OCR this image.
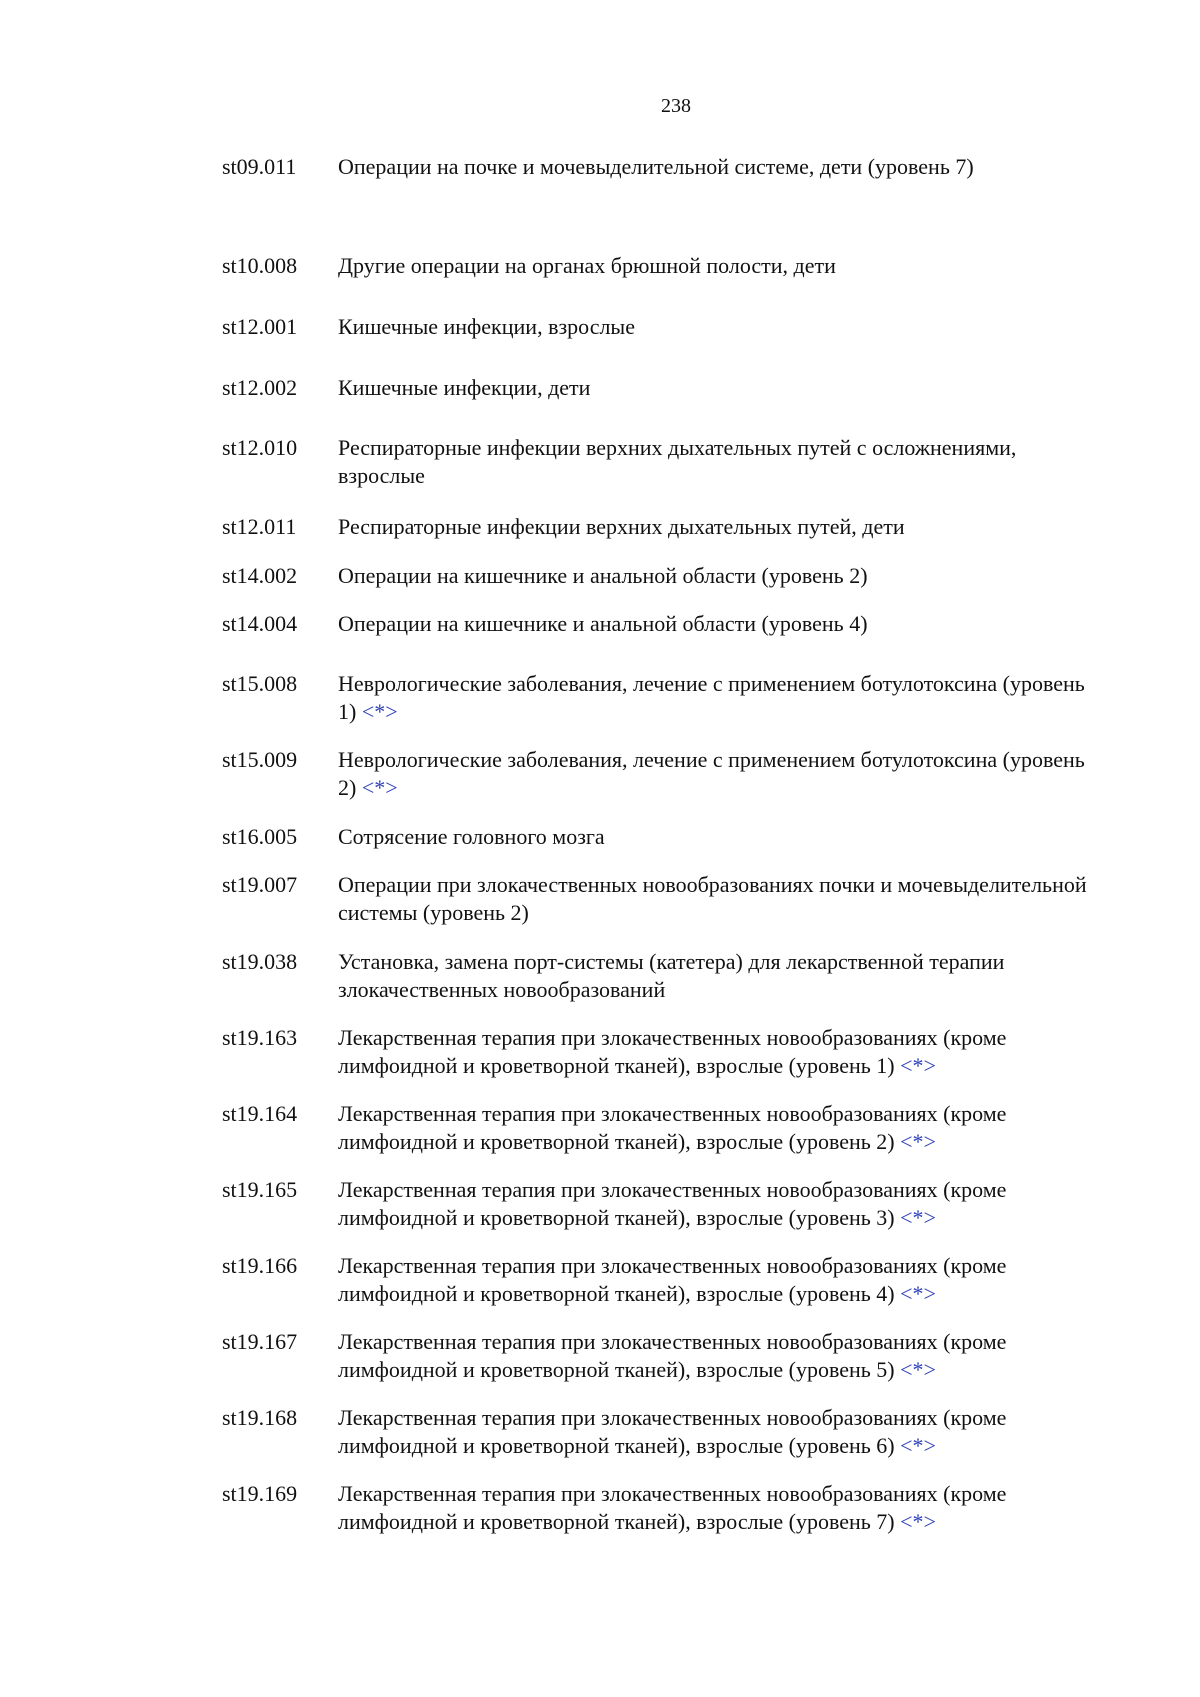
238
st09.011 Операции на почке и мочевыделительной системе, дети (уровень 7)
st10.008 Другие операции на органах брюшной полости, дети
st12.001 Кишечные инфекции, взрослые
st12.002 Кишечные инфекции, дети
st12.010 Респираторные инфекции верхних дыхательных путей с осложнениями, взрослые
st12.011 Респираторные инфекции верхних дыхательных путей, дети
st14.002 Операции на кишечнике и анальной области (уровень 2)
st14.004 Операции на кишечнике и анальной области (уровень 4)
st15.008 Неврологические заболевания, лечение с применением ботулотоксина (уровень 1) <*>
st15.009 Неврологические заболевания, лечение с применением ботулотоксина (уровень 2) <*>
st16.005 Сотрясение головного мозга
st19.007 Операции при злокачественных новообразованиях почки и мочевыделительной системы (уровень 2)
st19.038 Установка, замена порт-системы (катетера) для лекарственной терапии злокачественных новообразований
st19.163 Лекарственная терапия при злокачественных новообразованиях (кроме лимфоидной и кроветворной тканей), взрослые (уровень 1) <*>
st19.164 Лекарственная терапия при злокачественных новообразованиях (кроме лимфоидной и кроветворной тканей), взрослые (уровень 2) <*>
st19.165 Лекарственная терапия при злокачественных новообразованиях (кроме лимфоидной и кроветворной тканей), взрослые (уровень 3) <*>
st19.166 Лекарственная терапия при злокачественных новообразованиях (кроме лимфоидной и кроветворной тканей), взрослые (уровень 4) <*>
st19.167 Лекарственная терапия при злокачественных новообразованиях (кроме лимфоидной и кроветворной тканей), взрослые (уровень 5) <*>
st19.168 Лекарственная терапия при злокачественных новообразованиях (кроме лимфоидной и кроветворной тканей), взрослые (уровень 6) <*>
st19.169 Лекарственная терапия при злокачественных новообразованиях (кроме лимфоидной и кроветворной тканей), взрослые (уровень 7) <*>
